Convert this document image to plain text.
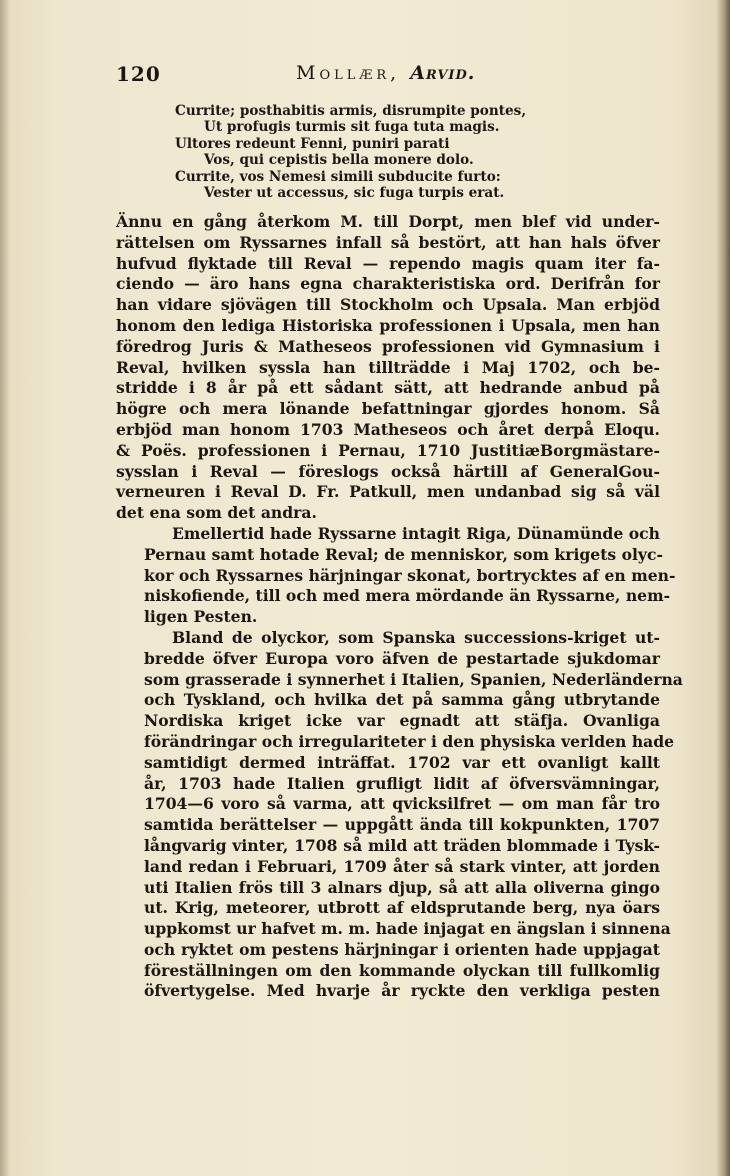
120	Mollær, Arvid.
Currite; posthabitis armis, disrumpite pontes,
Ut profugis turmis sit fuga tuta magis.
Ultores redeunt Fenni, puniri parati
Vos, qui cepistis bella monere dolo.
Currite, vos Nemesi simili subducite furto:
Vester ut accessus, sic fuga turpis erat.

Ännu en gång återkom M. till Dorpt, men blef vid under-
rättelsen om Ryssarnes infall så bestört, att han hals öfver
hufvud flyktade till Reval — rependo magis quam iter fa-
ciendo — äro hans egna charakteristiska ord. Derifrån for
han vidare sjövägen till Stockholm och Upsala. Man erbjöd
honom den lediga Historiska professionen i Upsala, men han
föredrog Juris & Matheseos professionen vid Gymnasium i
Reval, hvilken syssla han tillträdde i Maj 1702, och be-
stridde i 8 år på ett sådant sätt, att hedrande anbud på
högre och mera lönande befattningar gjordes honom. Så
erbjöd man honom 1703 Matheseos och året derpå Eloqu.
& Poës. professionen i Pernau, 1710 JustitiæBorgmästare-
sysslan i Reval — föreslogs också härtill af GeneralGou-
verneuren i Reval D. Fr. Patkull, men undanbad sig så väl
det ena som det andra.

Emellertid hade Ryssarne intagit Riga, Dünamünde och
Pernau samt hotade Reval; de menniskor, som krigets olyc-
kor och Ryssarnes härjningar skonat, bortrycktes af en men-
niskofiende, till och med mera mördande än Ryssarne, nem-
ligen Pesten.

Bland de olyckor, som Spanska successions-kriget ut-
bredde öfver Europa voro äfven de pestartade sjukdomar
som grasserade i synnerhet i Italien, Spanien, Nederländerna
och Tyskland, och hvilka det på samma gång utbrytande
Nordiska kriget icke var egnadt att stäfja. Ovanliga
förändringar och irregulariteter i den physiska verlden hade
samtidigt dermed inträffat. 1702 var ett ovanligt kallt
år, 1703 hade Italien grufligt lidit af öfversvämningar,
1704—6 voro så varma, att qvicksilfret — om man får tro
samtida berättelser — uppgått ända till kokpunkten, 1707
långvarig vinter, 1708 så mild att träden blommade i Tysk-
land redan i Februari, 1709 åter så stark vinter, att jorden
uti Italien frös till 3 alnars djup, så att alla oliverna gingo
ut. Krig, meteorer, utbrott af eldsprutande berg, nya öars
uppkomst ur hafvet m. m. hade injagat en ängslan i sinnena
och ryktet om pestens härjningar i orienten hade uppjagat
föreställningen om den kommande olyckan till fullkomlig
öfvertygelse. Med hvarje år ryckte den verkliga pesten
